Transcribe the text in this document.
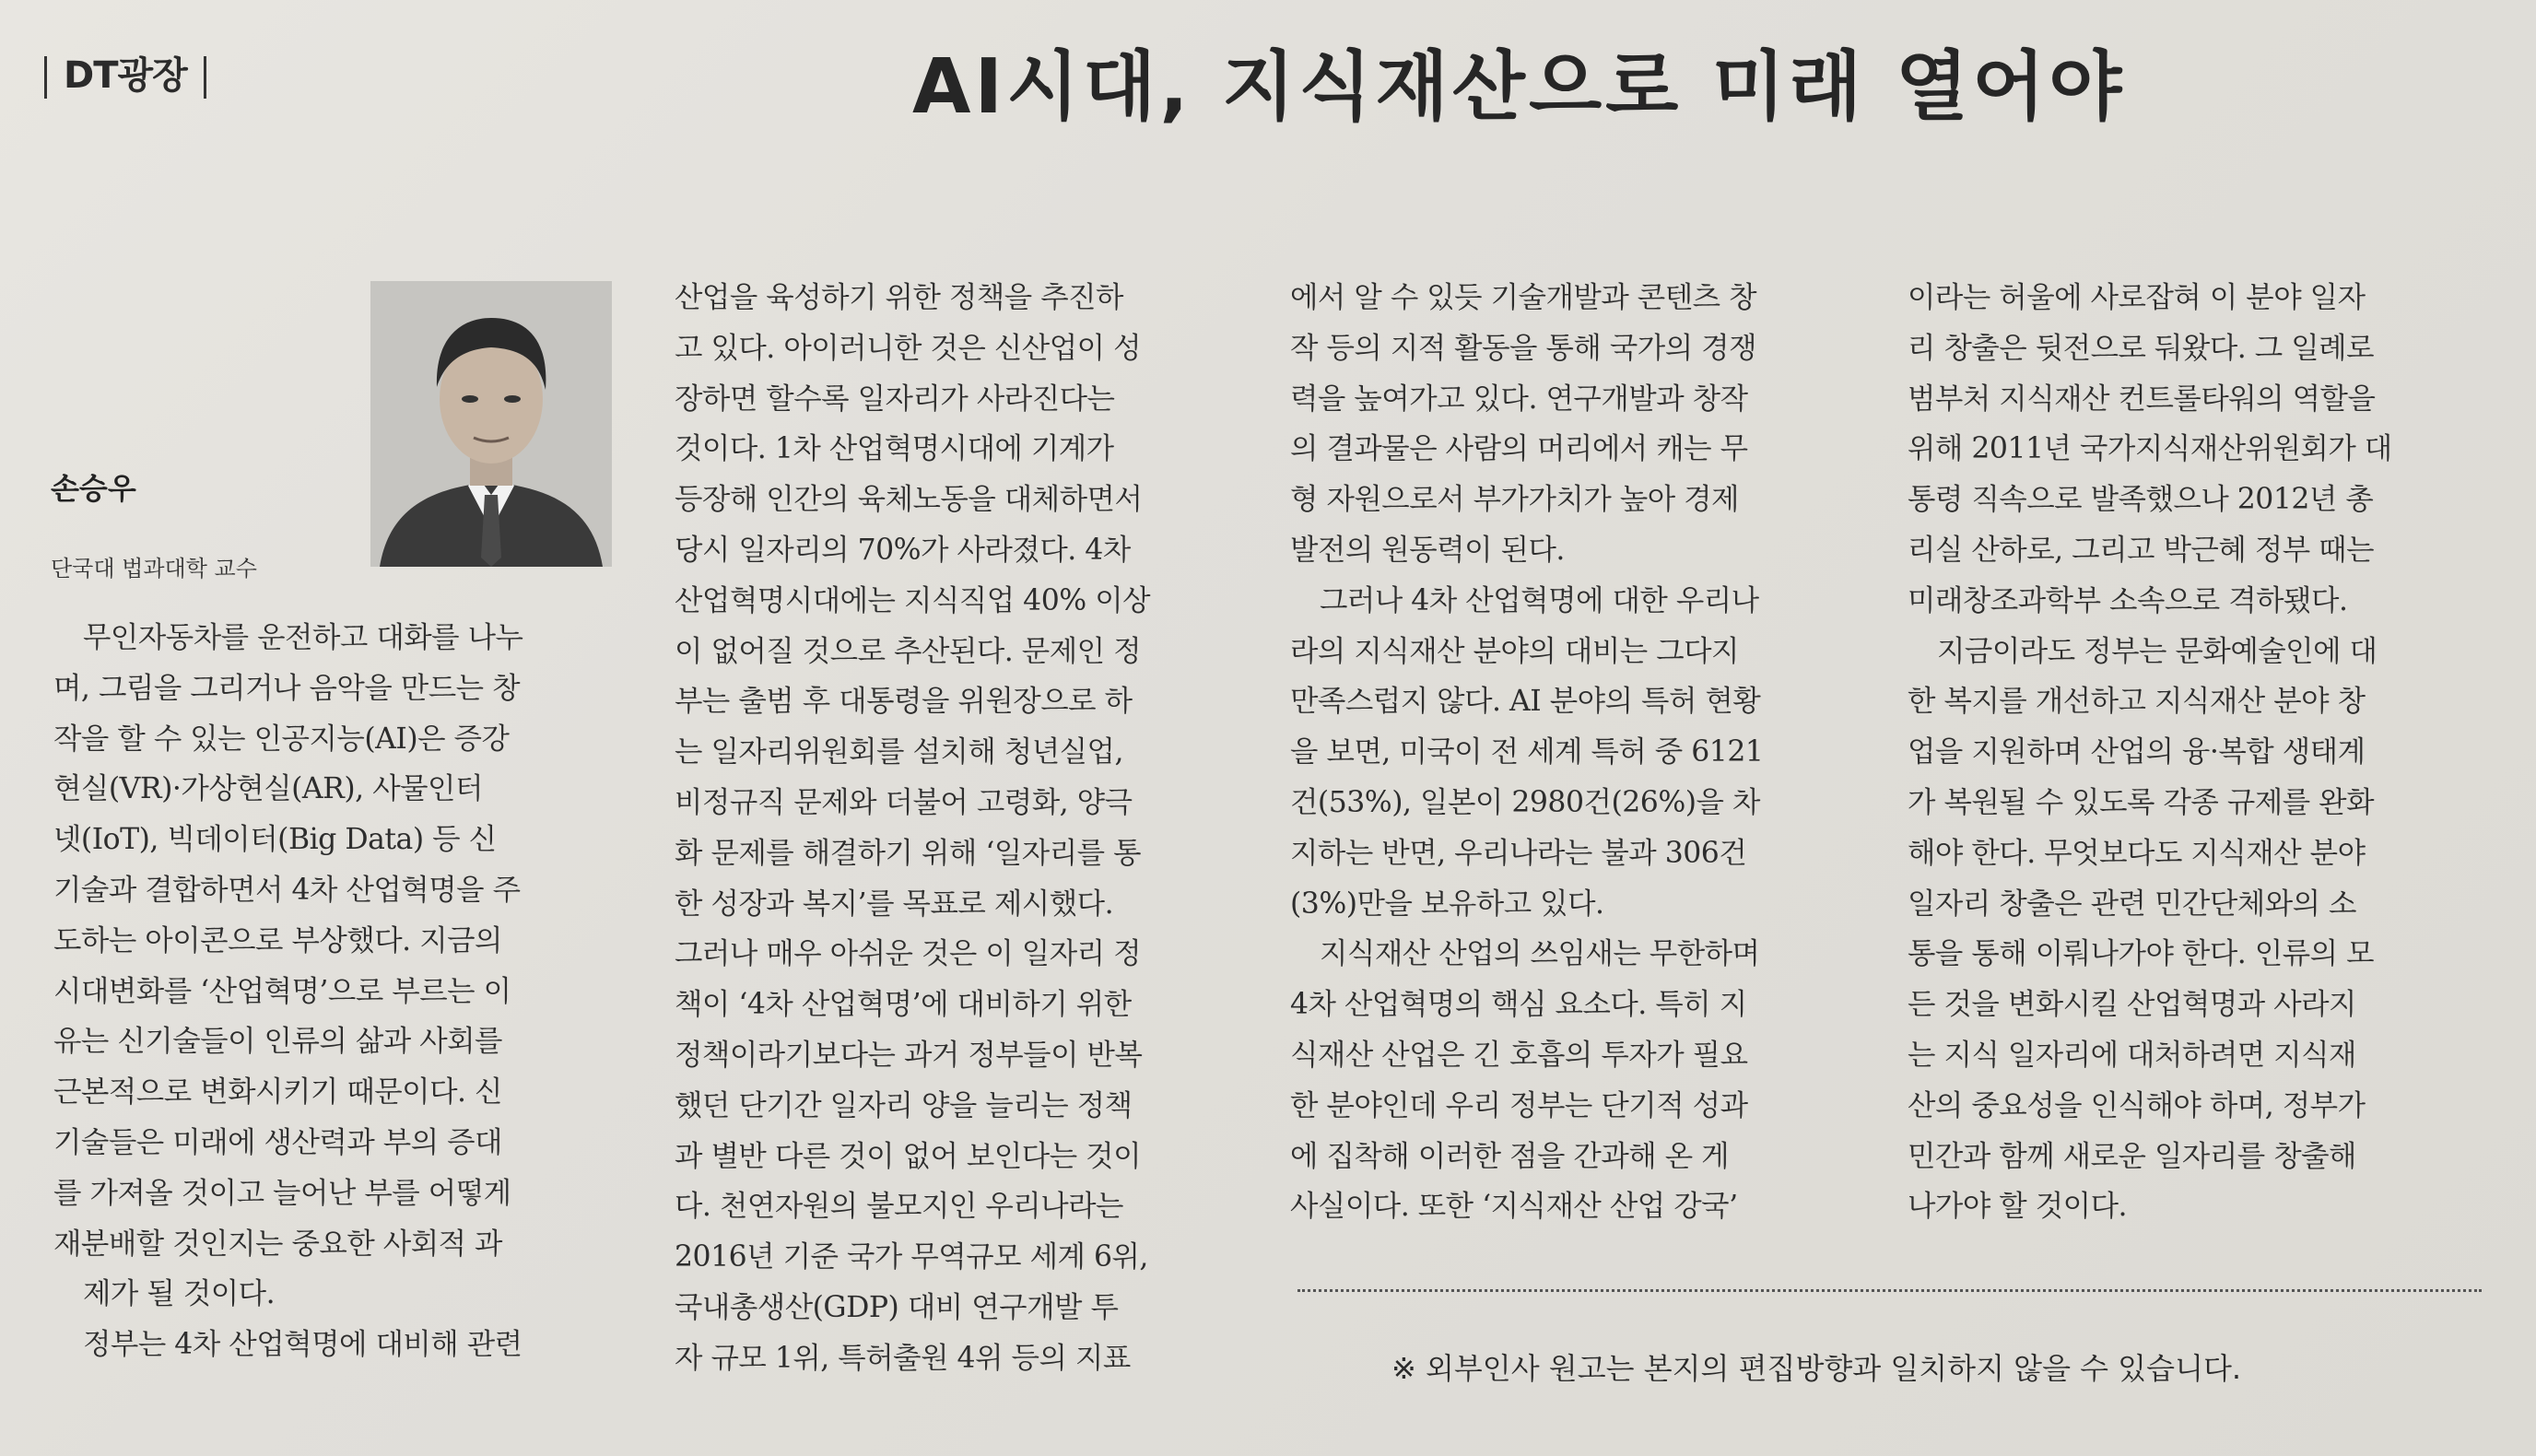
DT광장	AI시대, 지식재산으로 미래 열어야
손승우
단국대 법과대학 교수

무인자동차를 운전하고 대화를 나누

며, 그림을 그리거나 음악을 만드는 창

작을 할 수 있는 인공지능(AI)은 증강

현실(VR)·가상현실(AR), 사물인터

넷(IoT), 빅데이터(Big Data) 등 신

기술과 결합하면서 4차 산업혁명을 주

도하는 아이콘으로 부상했다. 지금의

시대변화를 ‘산업혁명’으로 부르는 이

유는 신기술들이 인류의 삶과 사회를

근본적으로 변화시키기 때문이다. 신

기술들은 미래에 생산력과 부의 증대

를 가져올 것이고 늘어난 부를 어떻게

재분배할 것인지는 중요한 사회적 과

제가 될 것이다.

정부는 4차 산업혁명에 대비해 관련

산업을 육성하기 위한 정책을 추진하

고 있다. 아이러니한 것은 신산업이 성

장하면 할수록 일자리가 사라진다는

것이다. 1차 산업혁명시대에 기계가

등장해 인간의 육체노동을 대체하면서

당시 일자리의 70%가 사라졌다. 4차

산업혁명시대에는 지식직업 40% 이상

이 없어질 것으로 추산된다. 문제인 정

부는 출범 후 대통령을 위원장으로 하

는 일자리위원회를 설치해 청년실업,

비정규직 문제와 더불어 고령화, 양극

화 문제를 해결하기 위해 ‘일자리를 통

한 성장과 복지’를 목표로 제시했다.

그러나 매우 아쉬운 것은 이 일자리 정

책이 ‘4차 산업혁명’에 대비하기 위한

정책이라기보다는 과거 정부들이 반복

했던 단기간 일자리 양을 늘리는 정책

과 별반 다른 것이 없어 보인다는 것이

다. 천연자원의 불모지인 우리나라는

2016년 기준 국가 무역규모 세계 6위,

국내총생산(GDP) 대비 연구개발 투

자 규모 1위, 특허출원 4위 등의 지표

에서 알 수 있듯 기술개발과 콘텐츠 창

작 등의 지적 활동을 통해 국가의 경쟁

력을 높여가고 있다. 연구개발과 창작

의 결과물은 사람의 머리에서 캐는 무

형 자원으로서 부가가치가 높아 경제

발전의 원동력이 된다.

그러나 4차 산업혁명에 대한 우리나

라의 지식재산 분야의 대비는 그다지

만족스럽지 않다. AI 분야의 특허 현황

을 보면, 미국이 전 세계 특허 중 6121

건(53%), 일본이 2980건(26%)을 차

지하는 반면, 우리나라는 불과 306건

(3%)만을 보유하고 있다.

지식재산 산업의 쓰임새는 무한하며

4차 산업혁명의 핵심 요소다. 특히 지

식재산 산업은 긴 호흡의 투자가 필요

한 분야인데 우리 정부는 단기적 성과

에 집착해 이러한 점을 간과해 온 게

사실이다. 또한 ‘지식재산 산업 강국’

이라는 허울에 사로잡혀 이 분야 일자

리 창출은 뒷전으로 둬왔다. 그 일례로

범부처 지식재산 컨트롤타워의 역할을

위해 2011년 국가지식재산위원회가 대

통령 직속으로 발족했으나 2012년 총

리실 산하로, 그리고 박근혜 정부 때는

미래창조과학부 소속으로 격하됐다.

지금이라도 정부는 문화예술인에 대

한 복지를 개선하고 지식재산 분야 창

업을 지원하며 산업의 융·복합 생태계

가 복원될 수 있도록 각종 규제를 완화

해야 한다. 무엇보다도 지식재산 분야

일자리 창출은 관련 민간단체와의 소

통을 통해 이뤄나가야 한다. 인류의 모

든 것을 변화시킬 산업혁명과 사라지

는 지식 일자리에 대처하려면 지식재

산의 중요성을 인식해야 하며, 정부가

민간과 함께 새로운 일자리를 창출해

나가야 할 것이다.

※ 외부인사 원고는 본지의 편집방향과 일치하지 않을 수 있습니다.
